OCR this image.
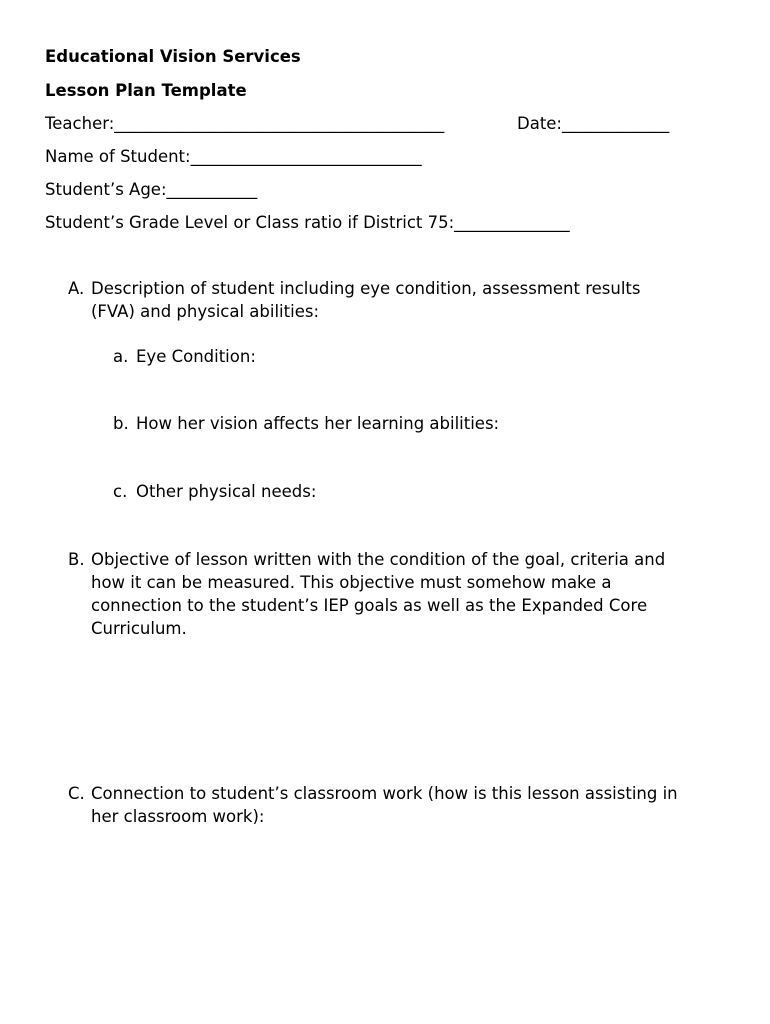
Educational Vision Services
Lesson Plan Template
Teacher:________________________________________	Date:_____________
Name of Student:____________________________
Student’s Age:___________
Student’s Grade Level or Class ratio if District 75:______________
A. Description of student including eye condition, assessment results
(FVA) and physical abilities:
a. Eye Condition:
b. How her vision affects her learning abilities:
c. Other physical needs:
B. Objective of lesson written with the condition of the goal, criteria and
how it can be measured. This objective must somehow make a
connection to the student’s IEP goals as well as the Expanded Core
Curriculum.
C. Connection to student’s classroom work (how is this lesson assisting in
her classroom work):
